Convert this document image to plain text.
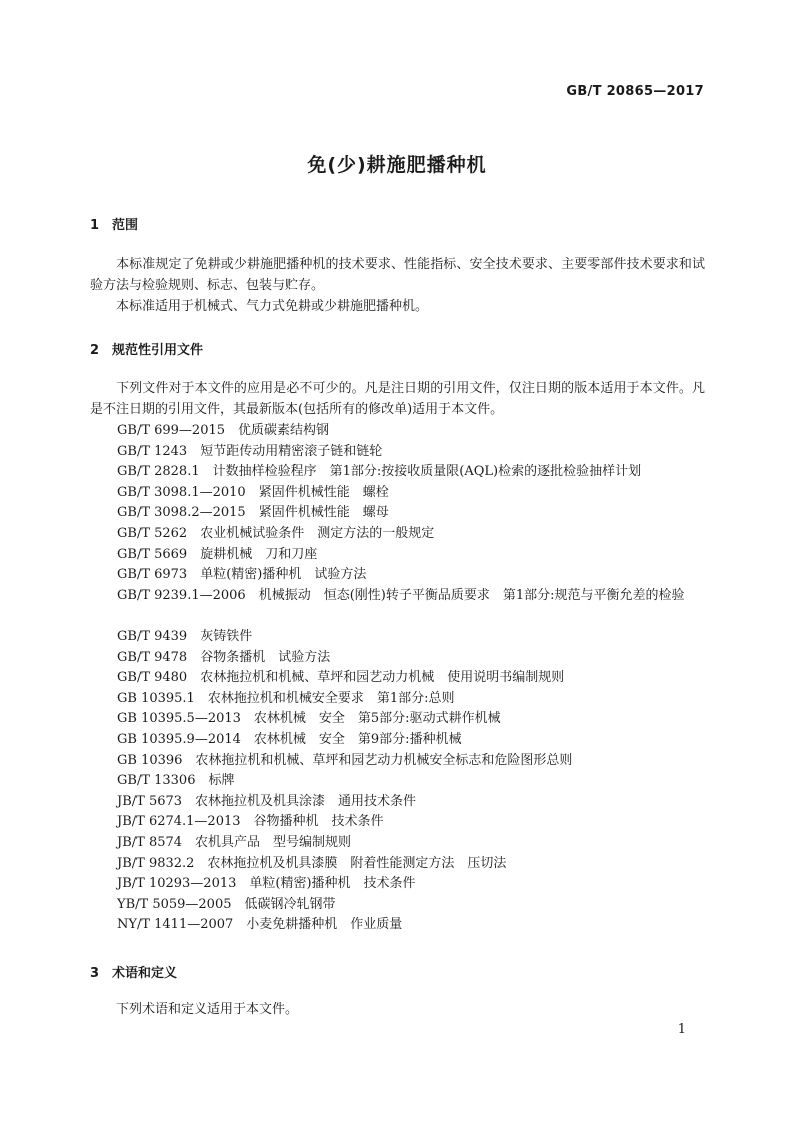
GB/T 20865—2017
免(少)耕施肥播种机
1 范围
本标准规定了免耕或少耕施肥播种机的技术要求、性能指标、安全技术要求、主要零部件技术要求和试验方法与检验规则、标志、包装与贮存。
本标准适用于机械式、气力式免耕或少耕施肥播种机。
2 规范性引用文件
下列文件对于本文件的应用是必不可少的。凡是注日期的引用文件，仅注日期的版本适用于本文件。凡是不注日期的引用文件，其最新版本(包括所有的修改单)适用于本文件。
GB/T 699—2015　优质碳素结构钢
GB/T 1243　短节距传动用精密滚子链和链轮
GB/T 2828.1　计数抽样检验程序　第1部分:按接收质量限(AQL)检索的逐批检验抽样计划
GB/T 3098.1—2010　紧固件机械性能　螺栓
GB/T 3098.2—2015　紧固件机械性能　螺母
GB/T 5262　农业机械试验条件　测定方法的一般规定
GB/T 5669　旋耕机械　刀和刀座
GB/T 6973　单粒(精密)播种机　试验方法
GB/T 9239.1—2006　机械振动　恒态(刚性)转子平衡品质要求　第1部分:规范与平衡允差的检验
GB/T 9439　灰铸铁件
GB/T 9478　谷物条播机　试验方法
GB/T 9480　农林拖拉机和机械、草坪和园艺动力机械　使用说明书编制规则
GB 10395.1　农林拖拉机和机械安全要求　第1部分:总则
GB 10395.5—2013　农林机械　安全　第5部分:驱动式耕作机械
GB 10395.9—2014　农林机械　安全　第9部分:播种机械
GB 10396　农林拖拉机和机械、草坪和园艺动力机械安全标志和危险图形总则
GB/T 13306　标牌
JB/T 5673　农林拖拉机及机具涂漆　通用技术条件
JB/T 6274.1—2013　谷物播种机　技术条件
JB/T 8574　农机具产品　型号编制规则
JB/T 9832.2　农林拖拉机及机具漆膜　附着性能测定方法　压切法
JB/T 10293—2013　单粒(精密)播种机　技术条件
YB/T 5059—2005　低碳钢冷轧钢带
NY/T 1411—2007　小麦免耕播种机　作业质量
3 术语和定义
下列术语和定义适用于本文件。
1
